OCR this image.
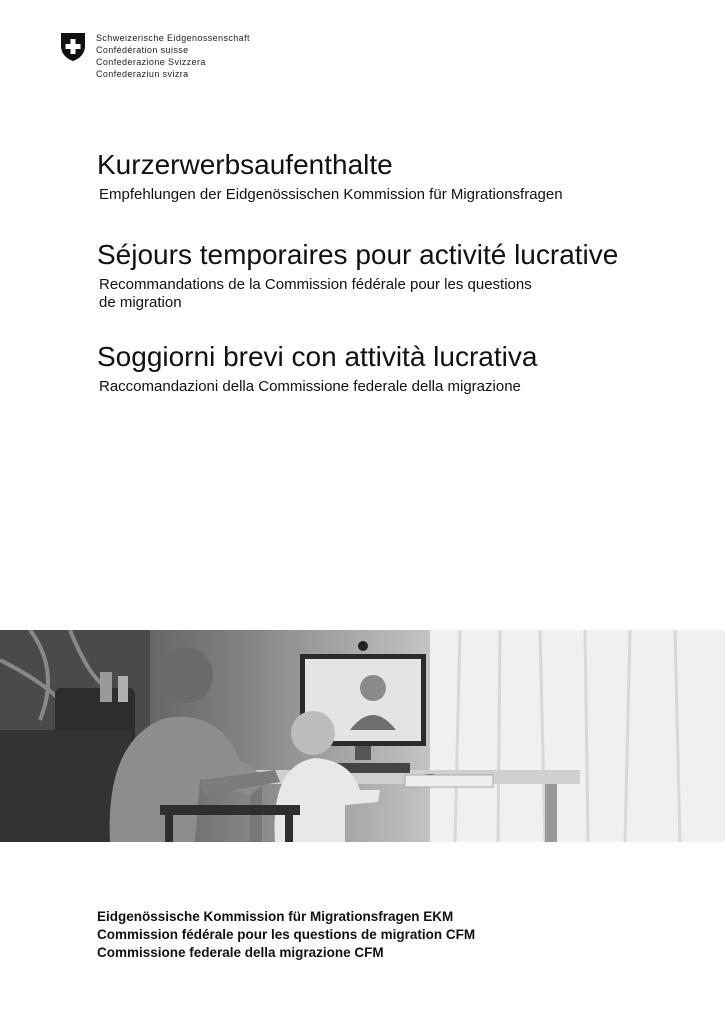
Schweizerische Eidgenossenschaft
Confédération suisse
Confederazione Svizzera
Confederaziun svizra
Kurzerwerbsaufenthalte
Empfehlungen der Eidgenössischen Kommission für Migrationsfragen
Séjours temporaires pour activité lucrative
Recommandations de la Commission fédérale pour les questions
de migration
Soggiorni brevi con attività lucrativa
Raccomandazioni della Commissione federale della migrazione
Eidgenössische Kommission für Migrationsfragen EKM
Commission fédérale pour les questions de migration CFM
Commissione federale della migrazione CFM
